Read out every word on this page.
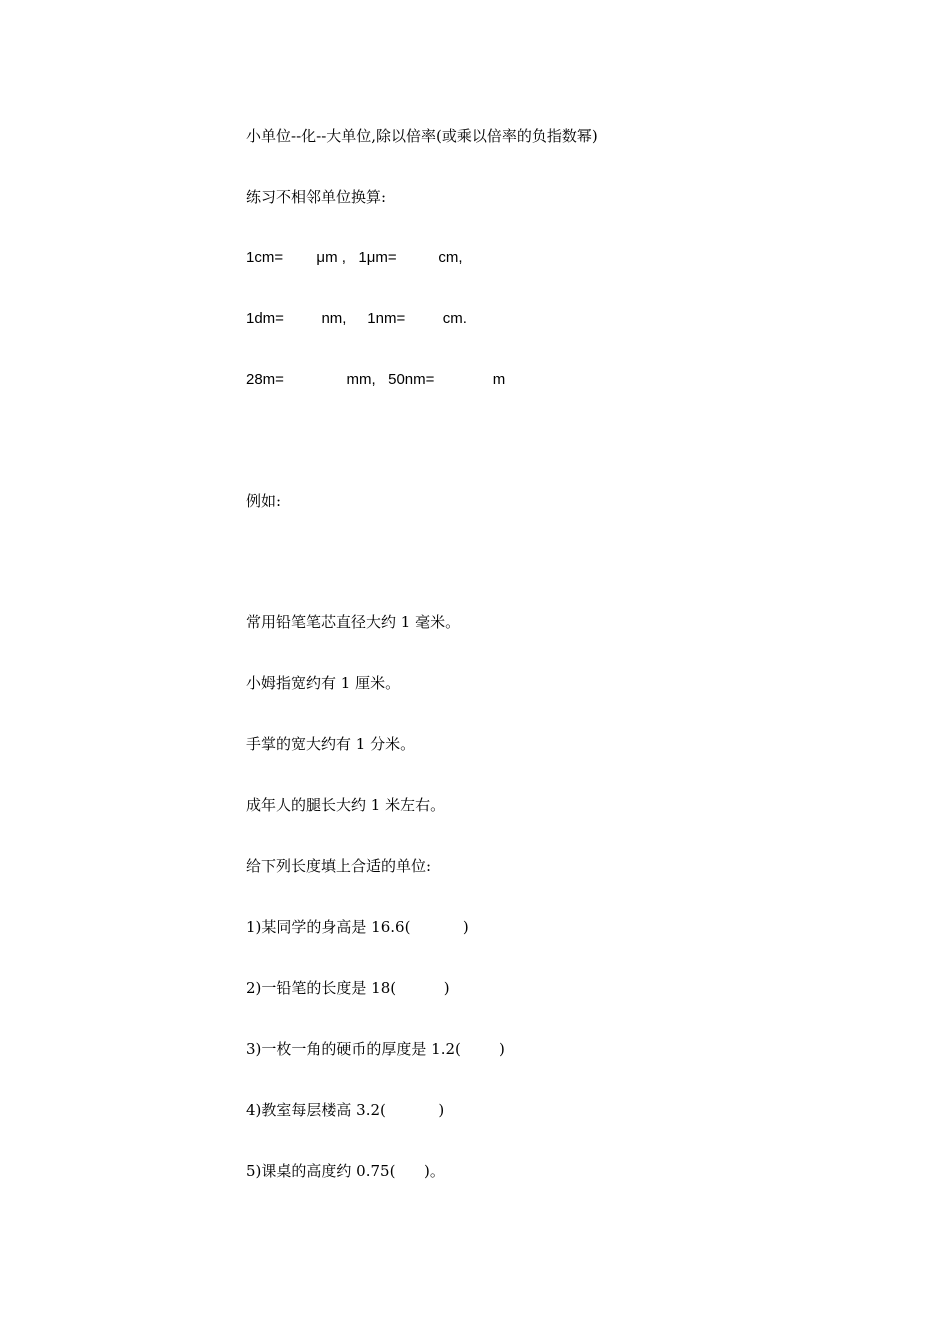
小单位--化--大单位,除以倍率(或乘以倍率的负指数幂)
练习不相邻单位换算:
1cm=        μm ,   1μm=          cm,
1dm=         nm,     1nm=         cm.
28m=               mm,   50nm=              m
例如:
常用铅笔笔芯直径大约 1 毫米。
小姆指宽约有 1 厘米。
手掌的宽大约有 1 分米。
成年人的腿长大约 1 米左右。
给下列长度填上合适的单位:
1)某同学的身高是 16.6(           )
2)一铅笔的长度是 18(          )
3)一枚一角的硬币的厚度是 1.2(        )
4)教室每层楼高 3.2(           )
5)课桌的高度约 0.75(      )。
